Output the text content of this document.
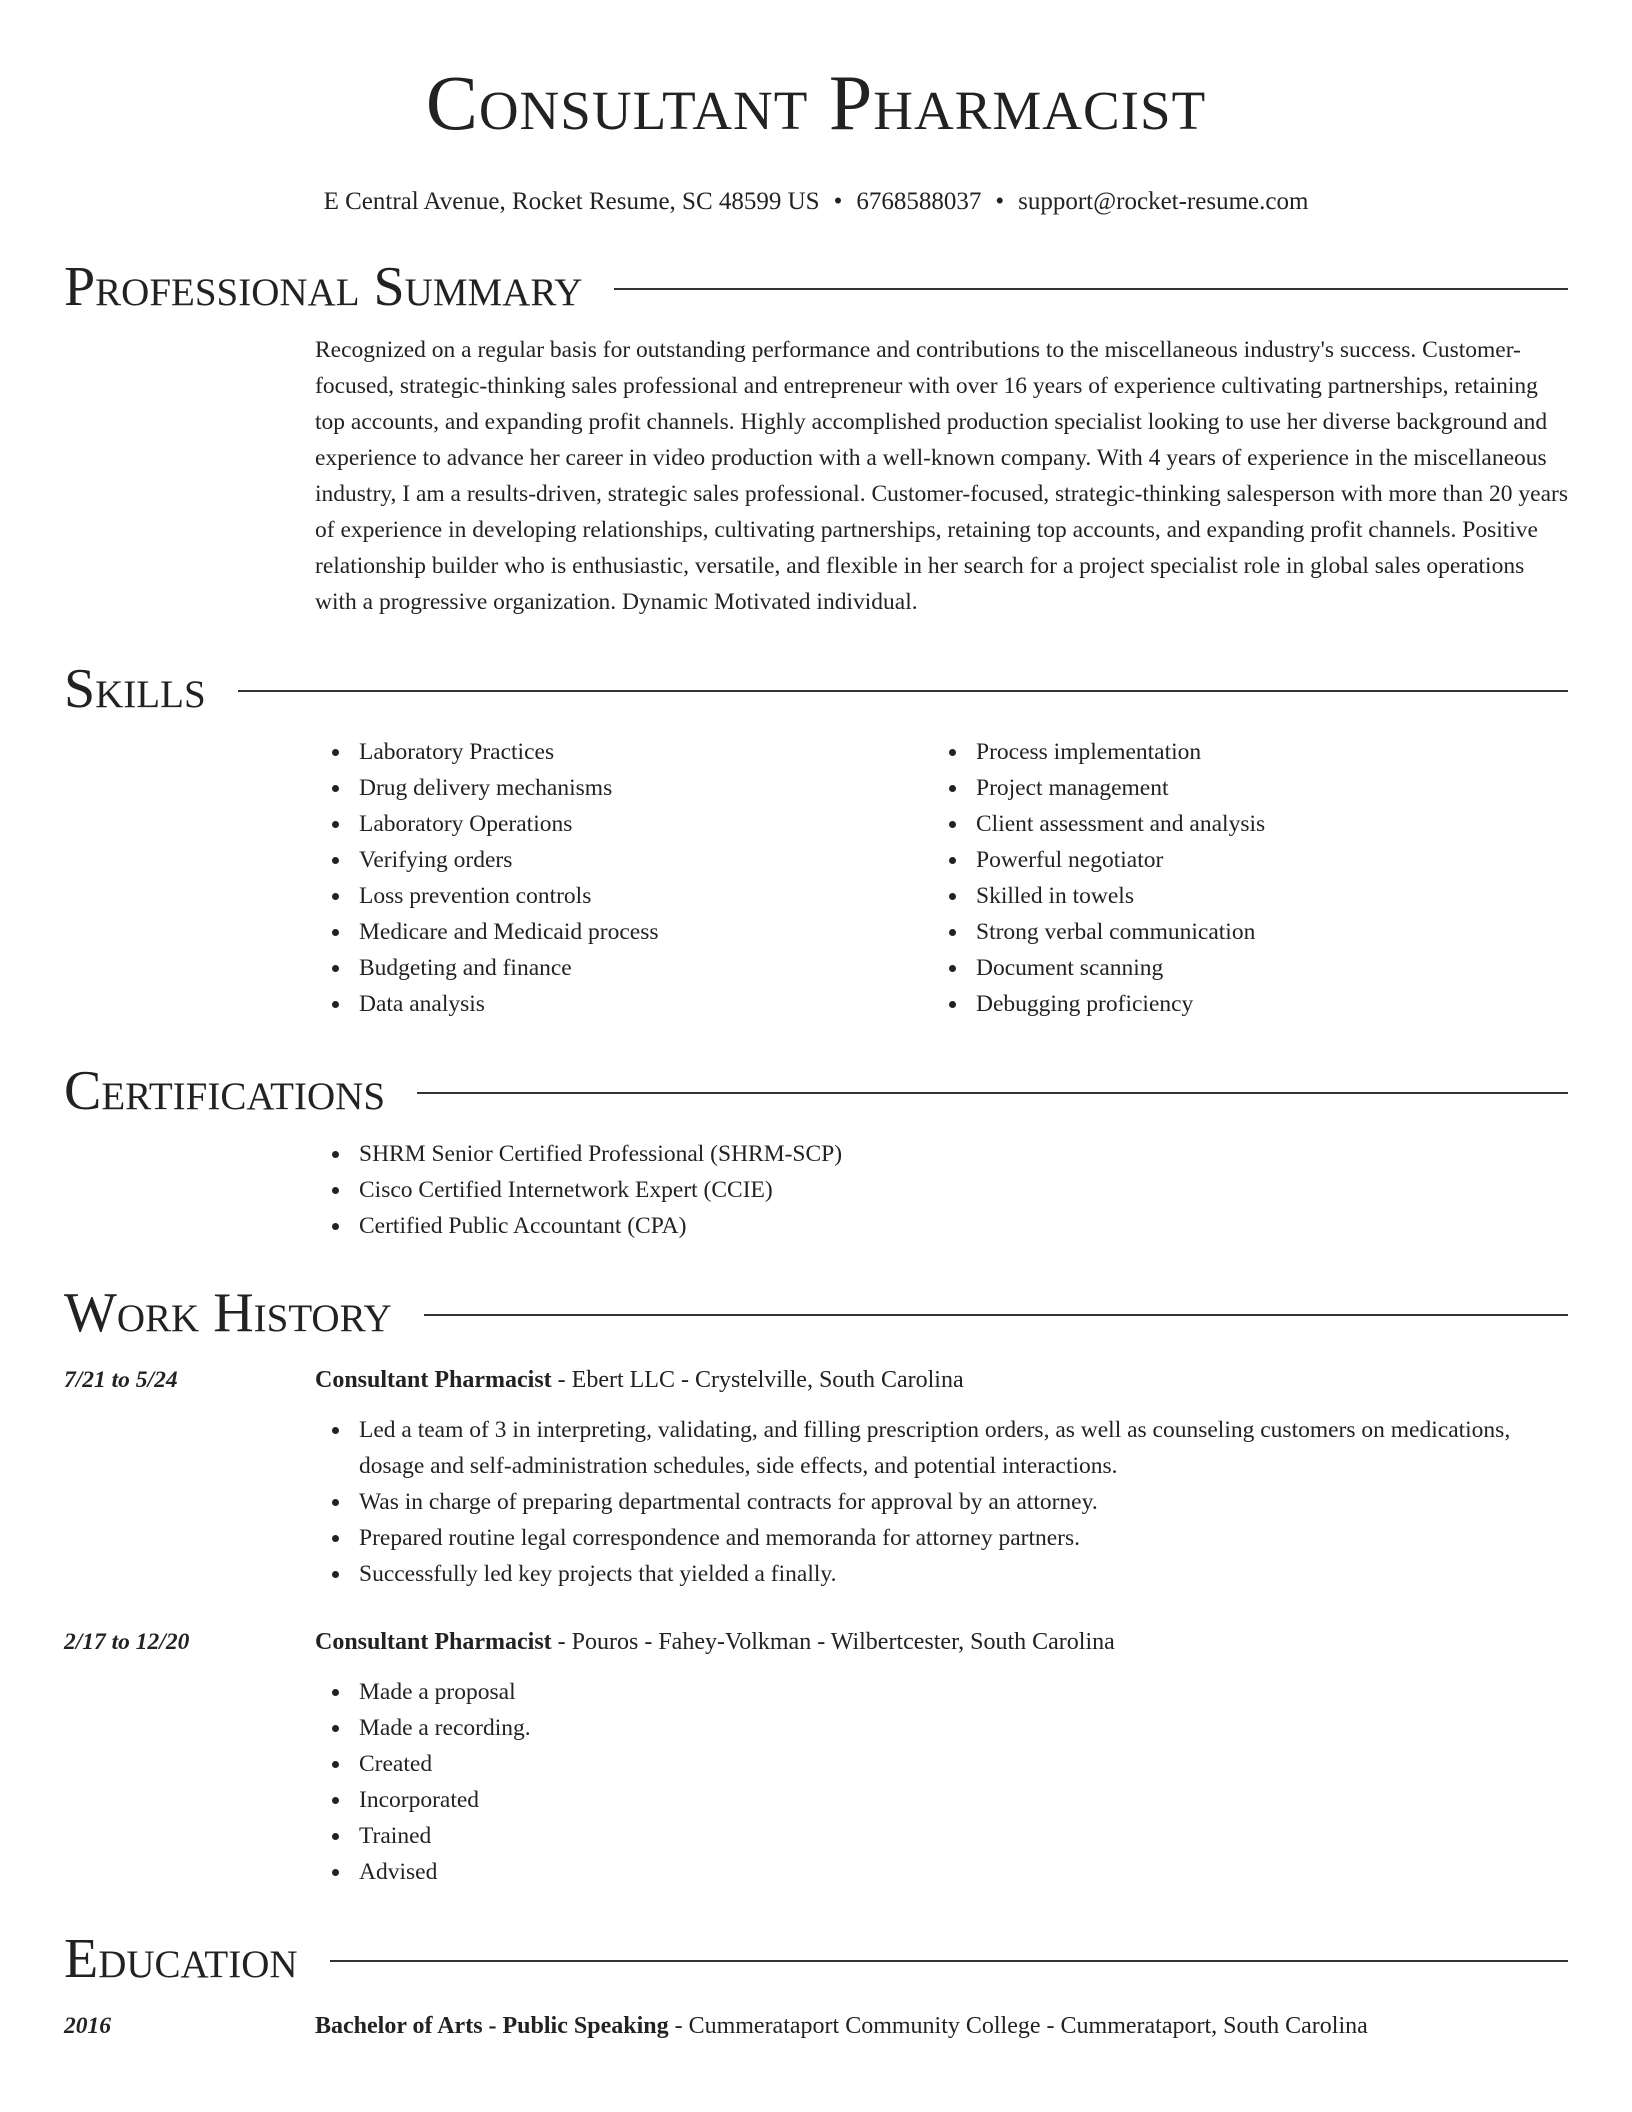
Consultant Pharmacist
E Central Avenue, Rocket Resume, SC 48599 US • 6768588037 • support@rocket-resume.com
Professional Summary
Recognized on a regular basis for outstanding performance and contributions to the miscellaneous industry's success. Customer-focused, strategic-thinking sales professional and entrepreneur with over 16 years of experience cultivating partnerships, retaining top accounts, and expanding profit channels. Highly accomplished production specialist looking to use her diverse background and experience to advance her career in video production with a well-known company. With 4 years of experience in the miscellaneous industry, I am a results-driven, strategic sales professional. Customer-focused, strategic-thinking salesperson with more than 20 years of experience in developing relationships, cultivating partnerships, retaining top accounts, and expanding profit channels. Positive relationship builder who is enthusiastic, versatile, and flexible in her search for a project specialist role in global sales operations with a progressive organization. Dynamic Motivated individual.
Skills
Laboratory Practices
Drug delivery mechanisms
Laboratory Operations
Verifying orders
Loss prevention controls
Medicare and Medicaid process
Budgeting and finance
Data analysis
Process implementation
Project management
Client assessment and analysis
Powerful negotiator
Skilled in towels
Strong verbal communication
Document scanning
Debugging proficiency
Certifications
SHRM Senior Certified Professional (SHRM-SCP)
Cisco Certified Internetwork Expert (CCIE)
Certified Public Accountant (CPA)
Work History
7/21 to 5/24	Consultant Pharmacist - Ebert LLC - Crystelville, South Carolina
Led a team of 3 in interpreting, validating, and filling prescription orders, as well as counseling customers on medications, dosage and self-administration schedules, side effects, and potential interactions.
Was in charge of preparing departmental contracts for approval by an attorney.
Prepared routine legal correspondence and memoranda for attorney partners.
Successfully led key projects that yielded a finally.
2/17 to 12/20	Consultant Pharmacist - Pouros - Fahey-Volkman - Wilbertcester, South Carolina
Made a proposal
Made a recording.
Created
Incorporated
Trained
Advised
Education
2016	Bachelor of Arts - Public Speaking - Cummerataport Community College - Cummerataport, South Carolina
